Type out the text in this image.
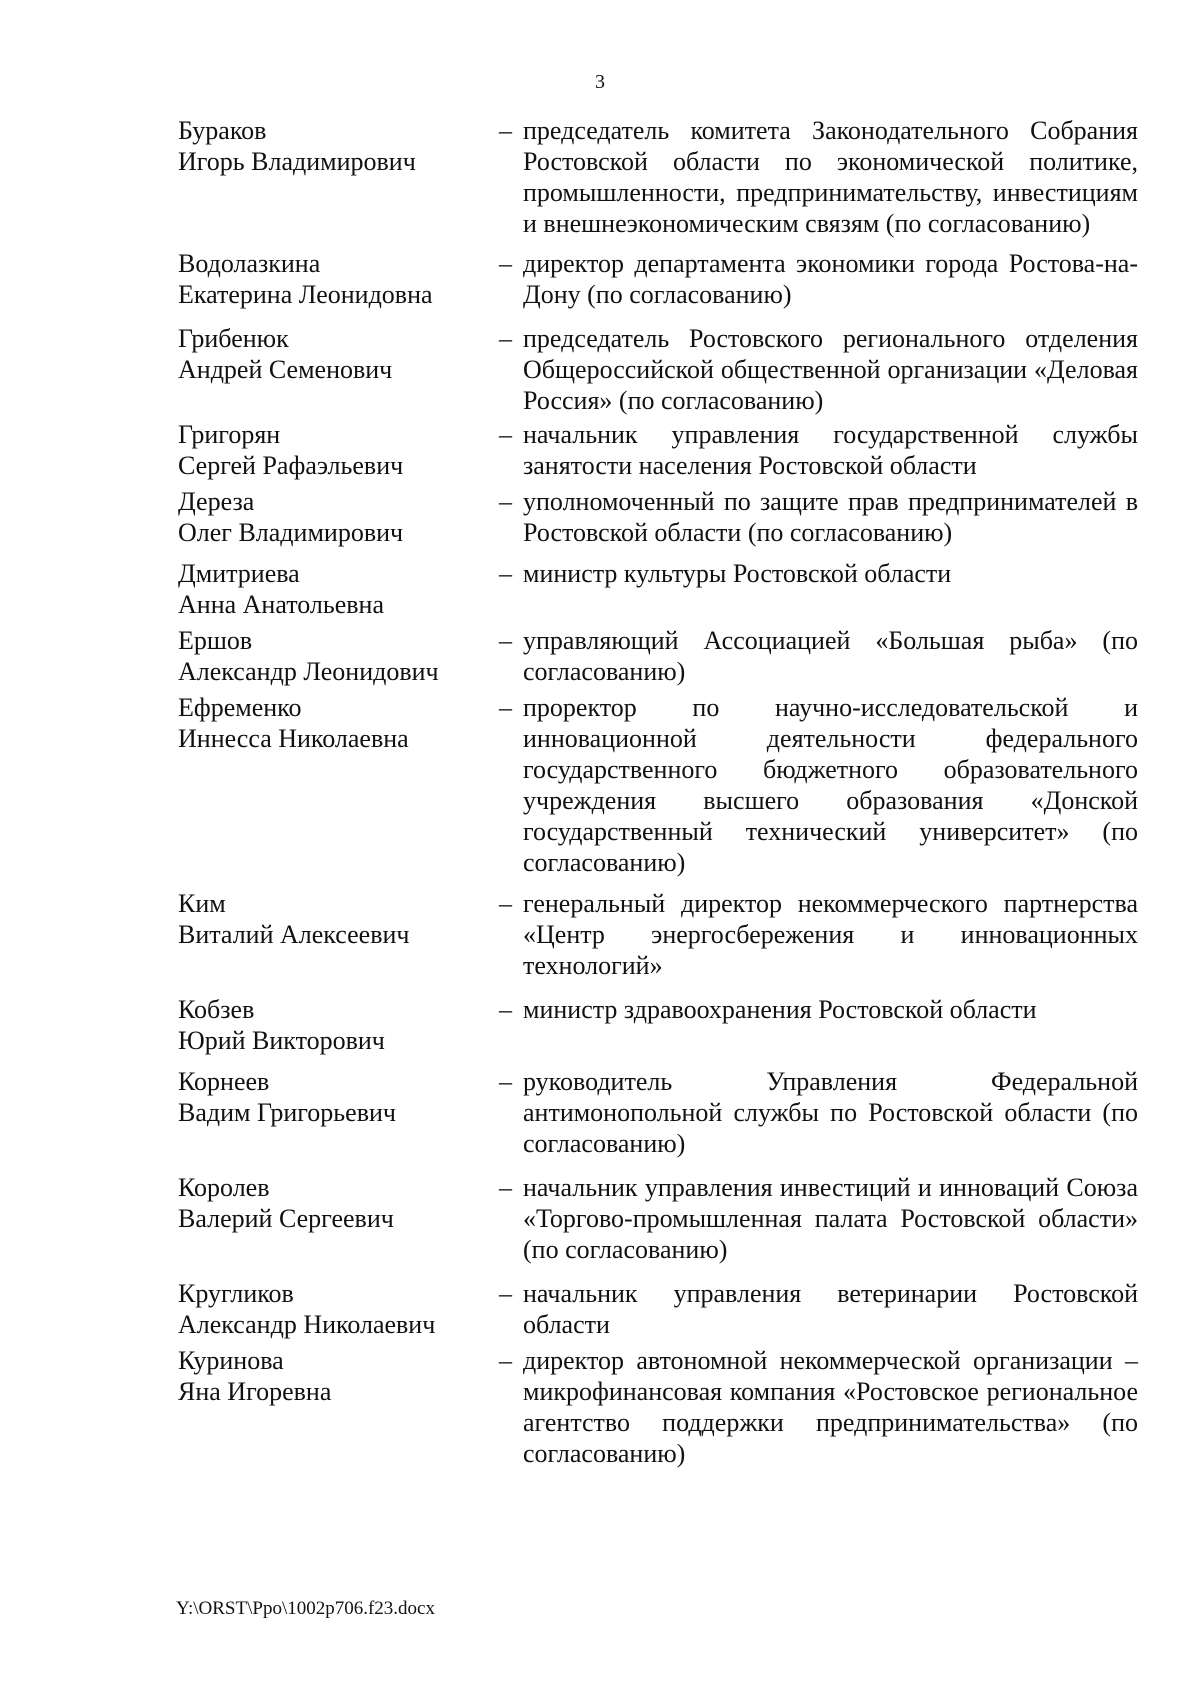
3
Бураков
Игорь Владимирович
– председатель комитета Законодательного Собрания Ростовской области по экономической политике, промышленности, предпринимательству, инвестициям и внешнеэкономическим связям (по согласованию)
Водолазкина
Екатерина Леонидовна
– директор департамента экономики города Ростова-на-Дону (по согласованию)
Грибенюк
Андрей Семенович
– председатель Ростовского регионального отделения Общероссийской общественной организации «Деловая Россия» (по согласованию)
Григорян
Сергей Рафаэльевич
– начальник управления государственной службы занятости населения Ростовской области
Дереза
Олег Владимирович
– уполномоченный по защите прав предпринимателей в Ростовской области (по согласованию)
Дмитриева
Анна Анатольевна
– министр культуры Ростовской области
Ершов
Александр Леонидович
– управляющий Ассоциацией «Большая рыба» (по согласованию)
Ефременко
Иннесса Николаевна
– проректор по научно-исследовательской и инновационной деятельности федерального государственного бюджетного образовательного учреждения высшего образования «Донской государственный технический университет» (по согласованию)
Ким
Виталий Алексеевич
– генеральный директор некоммерческого партнерства «Центр энергосбережения и инновационных технологий»
Кобзев
Юрий Викторович
– министр здравоохранения Ростовской области
Корнеев
Вадим Григорьевич
– руководитель Управления Федеральной антимонопольной службы по Ростовской области (по согласованию)
Королев
Валерий Сергеевич
– начальник управления инвестиций и инноваций Союза «Торгово-промышленная палата Ростовской области» (по согласованию)
Кругликов
Александр Николаевич
– начальник управления ветеринарии Ростовской области
Куринова
Яна Игоревна
– директор автономной некоммерческой организации – микрофинансовая компания «Ростовское региональное агентство поддержки предпринимательства» (по согласованию)
Y:\ORST\Ppo\1002p706.f23.docx
